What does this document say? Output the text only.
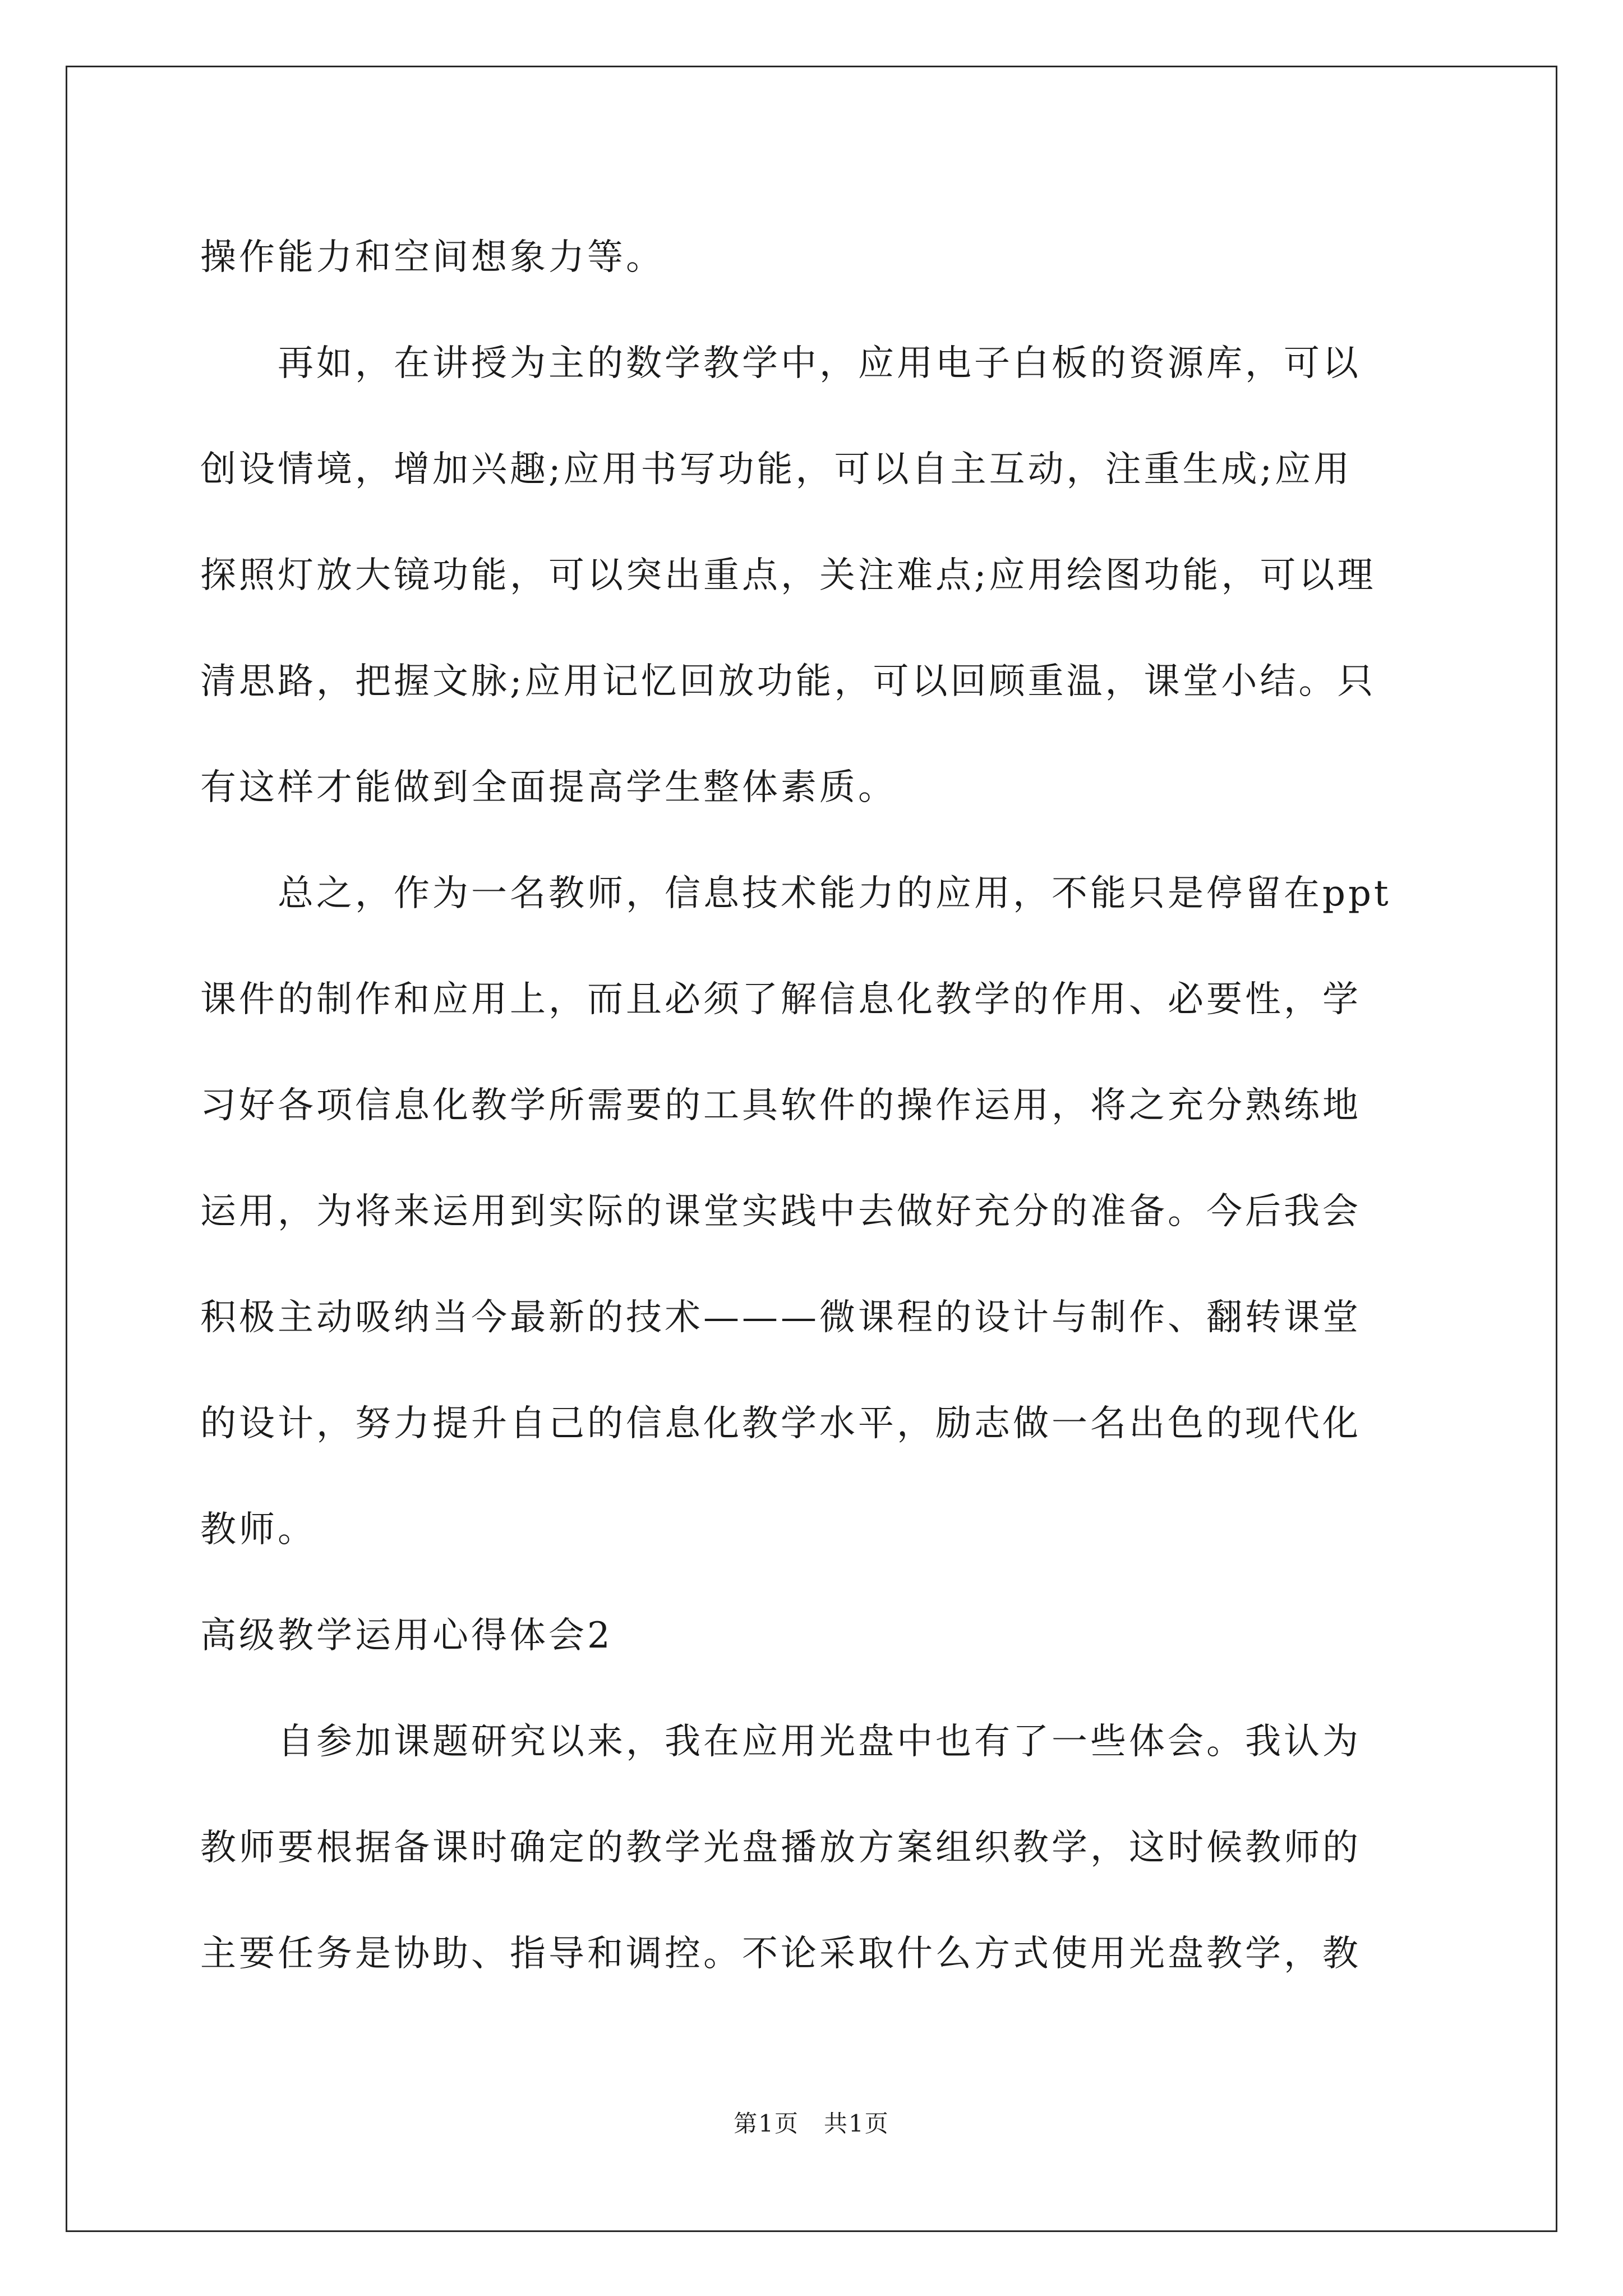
操作能力和空间想象力等。

　　再如，在讲授为主的数学教学中，应用电子白板的资源库，可以

创设情境，增加兴趣;应用书写功能，可以自主互动，注重生成;应用

探照灯放大镜功能，可以突出重点，关注难点;应用绘图功能，可以理

清思路，把握文脉;应用记忆回放功能，可以回顾重温，课堂小结。只

有这样才能做到全面提高学生整体素质。

　　总之，作为一名教师，信息技术能力的应用，不能只是停留在ppt

课件的制作和应用上，而且必须了解信息化教学的作用、必要性，学

习好各项信息化教学所需要的工具软件的操作运用，将之充分熟练地

运用，为将来运用到实际的课堂实践中去做好充分的准备。今后我会

积极主动吸纳当今最新的技术———微课程的设计与制作、翻转课堂

的设计，努力提升自己的信息化教学水平，励志做一名出色的现代化

教师。

高级教学运用心得体会2

　　自参加课题研究以来，我在应用光盘中也有了一些体会。我认为

教师要根据备课时确定的教学光盘播放方案组织教学，这时候教师的

主要任务是协助、指导和调控。不论采取什么方式使用光盘教学，教

第1页　共1页
